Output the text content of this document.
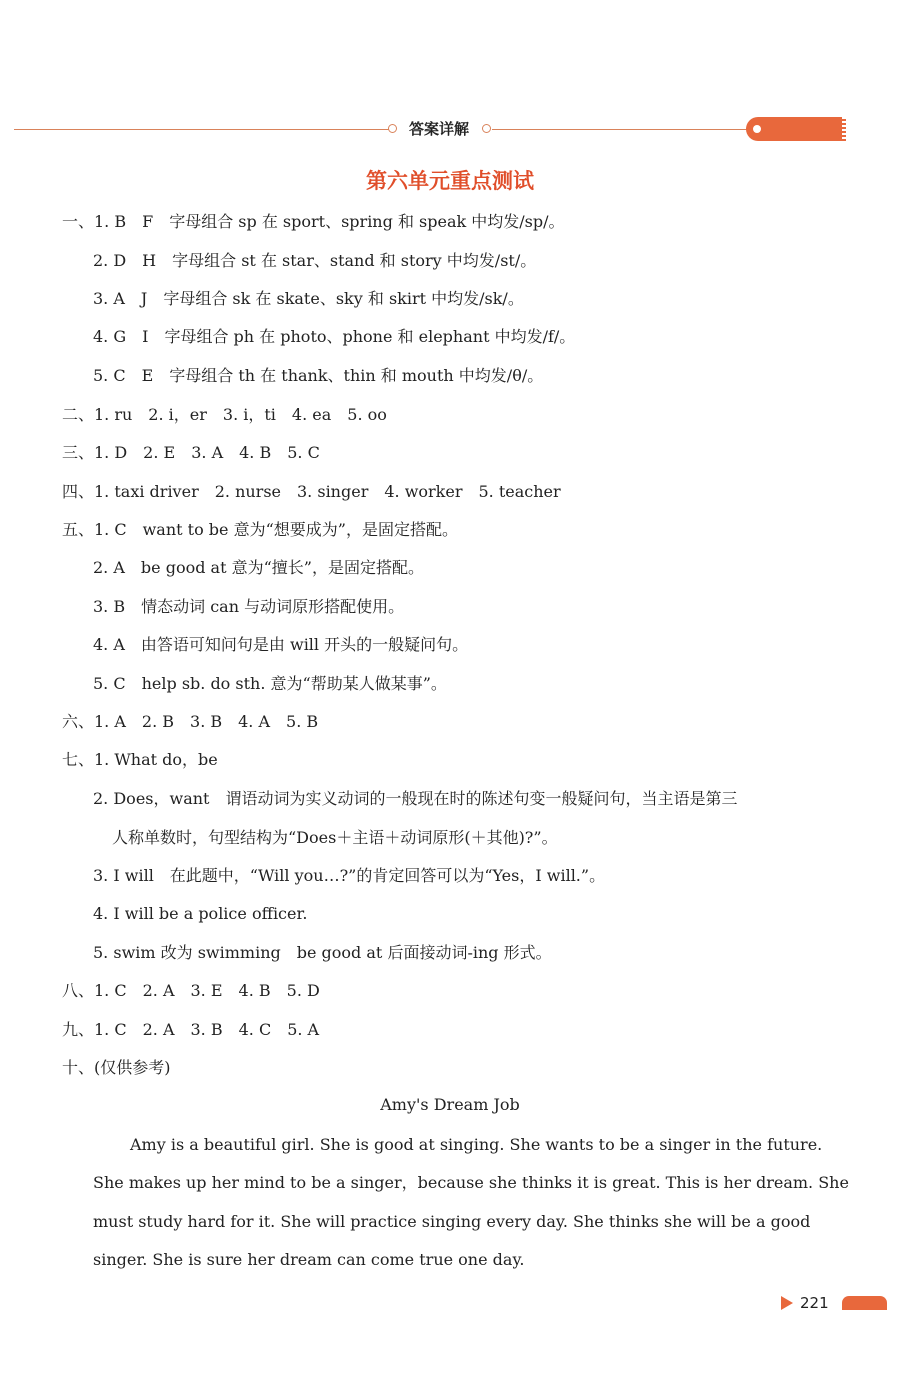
答案详解
第六单元重点测试
一、1. B　F　字母组合 sp 在 sport、spring 和 speak 中均发/sp/。
2. D　H　字母组合 st 在 star、stand 和 story 中均发/st/。
3. A　J　字母组合 sk 在 skate、sky 和 skirt 中均发/sk/。
4. G　I　字母组合 ph 在 photo、phone 和 elephant 中均发/f/。
5. C　E　字母组合 th 在 thank、thin 和 mouth 中均发/θ/。
二、1. ru　2. i，er　3. i，ti　4. ea　5. oo
三、1. D　2. E　3. A　4. B　5. C
四、1. taxi driver　2. nurse　3. singer　4. worker　5. teacher
五、1. C　want to be 意为“想要成为”，是固定搭配。
2. A　be good at 意为“擅长”，是固定搭配。
3. B　情态动词 can 与动词原形搭配使用。
4. A　由答语可知问句是由 will 开头的一般疑问句。
5. C　help sb. do sth. 意为“帮助某人做某事”。
六、1. A　2. B　3. B　4. A　5. B
七、1. What do，be
2. Does，want　谓语动词为实义动词的一般现在时的陈述句变一般疑问句，当主语是第三
人称单数时，句型结构为“Does＋主语＋动词原形(＋其他)?”。
3. I will　在此题中，“Will you…?”的肯定回答可以为“Yes，I will.”。
4. I will be a police officer.
5. swim 改为 swimming　be good at 后面接动词-ing 形式。
八、1. C　2. A　3. E　4. B　5. D
九、1. C　2. A　3. B　4. C　5. A
十、(仅供参考)
Amy's Dream Job

Amy is a beautiful girl. She is good at singing. She wants to be a singer in the future.

She makes up her mind to be a singer，because she thinks it is great. This is her dream. She

must study hard for it. She will practice singing every day. She thinks she will be a good

singer. She is sure her dream can come true one day.

221
